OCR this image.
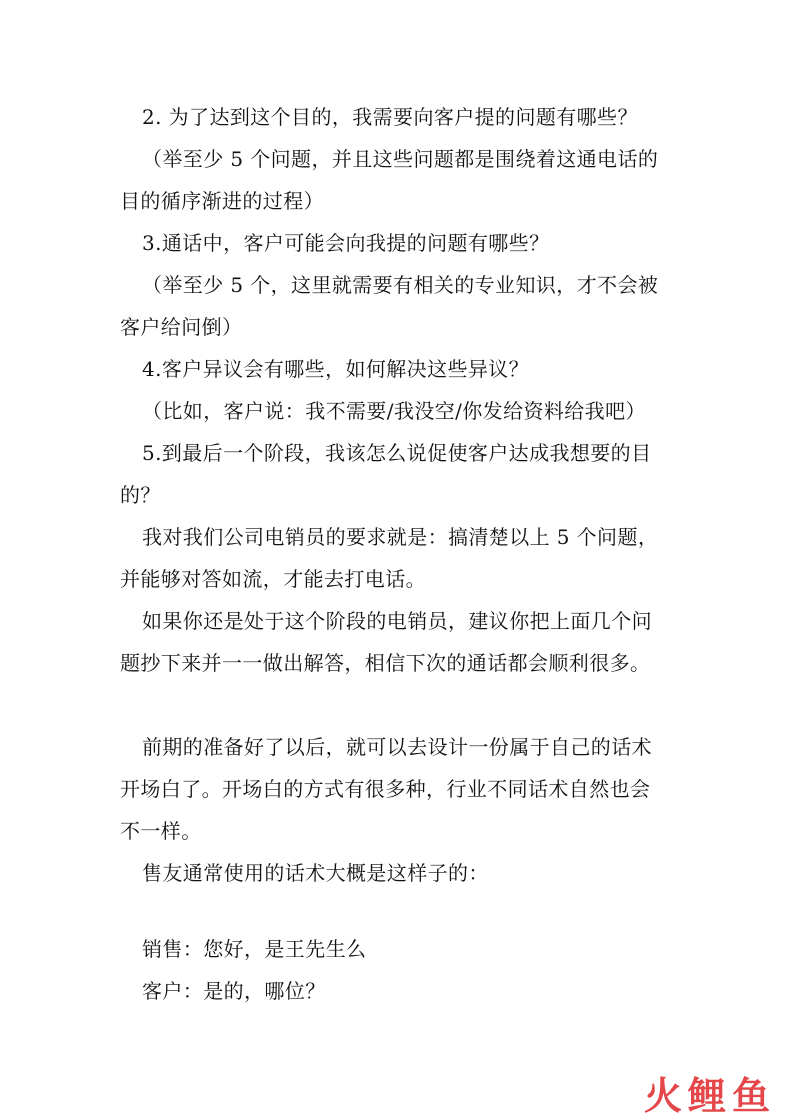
2. 为了达到这个目的，我需要向客户提的问题有哪些？

（举至少 5 个问题，并且这些问题都是围绕着这通电话的目的循序渐进的过程）

3.通话中，客户可能会向我提的问题有哪些？

（举至少 5 个，这里就需要有相关的专业知识，才不会被客户给问倒）

4.客户异议会有哪些，如何解决这些异议？

（比如，客户说：我不需要/我没空/你发给资料给我吧）

5.到最后一个阶段，我该怎么说促使客户达成我想要的目的？

我对我们公司电销员的要求就是：搞清楚以上 5 个问题，并能够对答如流，才能去打电话。

如果你还是处于这个阶段的电销员，建议你把上面几个问题抄下来并一一做出解答，相信下次的通话都会顺利很多。

前期的准备好了以后，就可以去设计一份属于自己的话术开场白了。开场白的方式有很多种，行业不同话术自然也会不一样。

售友通常使用的话术大概是这样子的：

销售：您好，是王先生么

客户：是的，哪位？

火 鲤 鱼
